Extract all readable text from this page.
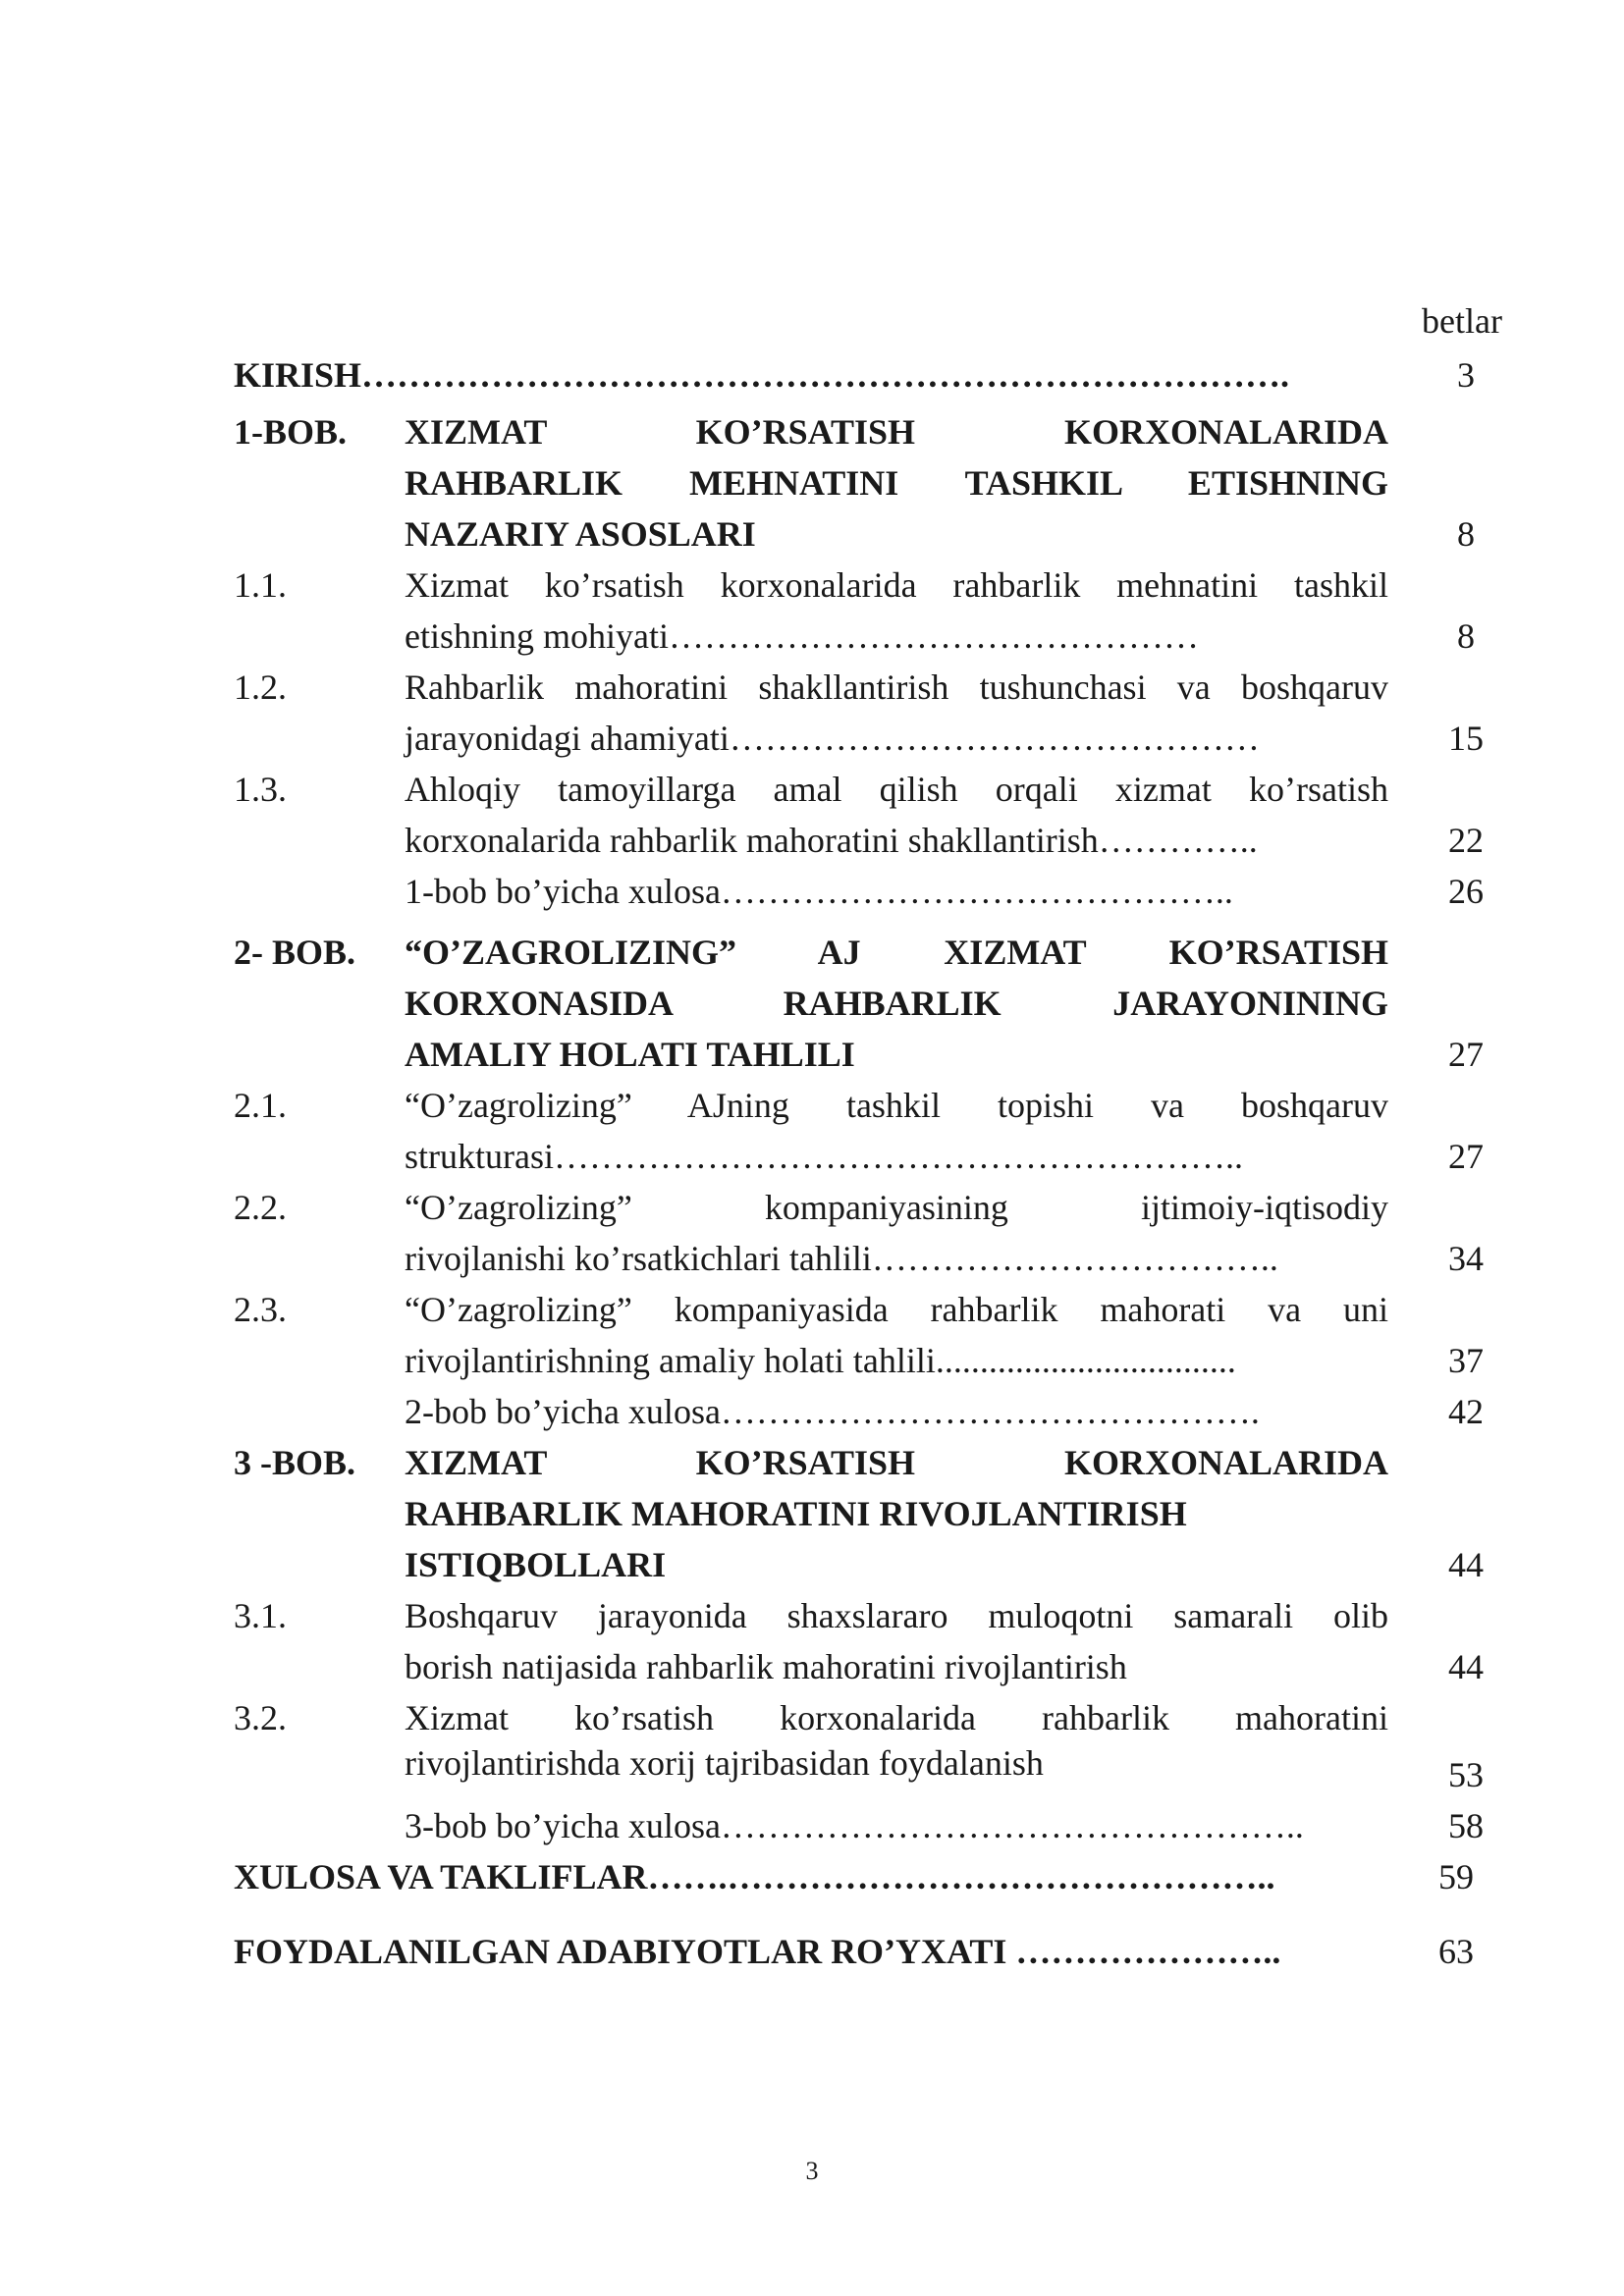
betlar
KIRISH…………………………………………………………………….	3
1-BOB. XIZMAT KO’RSATISH KORXONALARIDA
RAHBARLIK MEHNATINI TASHKIL ETISHNING
NAZARIY ASOSLARI	8
1.1.	Xizmat ko’rsatish korxonalarida rahbarlik mehnatini tashkil
etishning mohiyati………………………………………	8
1.2.	Rahbarlik mahoratini shakllantirish tushunchasi va boshqaruv
jarayonidagi ahamiyati………………………………………	15
1.3.	Ahloqiy tamoyillarga amal qilish orqali xizmat ko’rsatish
korxonalarida rahbarlik mahoratini shakllantirish…………..	22
1-bob bo’yicha xulosa……………………………………..	26
2- BOB. “O’ZAGROLIZING” AJ XIZMAT KO’RSATISH
KORXONASIDA RAHBARLIK JARAYONINING
AMALIY HOLATI TAHLILI	27
2.1.	“O’zagrolizing” AJning tashkil topishi va boshqaruv
strukturasi…………………………………………………..	27
2.2.	“O’zagrolizing” kompaniyasining ijtimoiy-iqtisodiy
rivojlanishi ko’rsatkichlari tahlili……………………………..	34
2.3.	“O’zagrolizing” kompaniyasida rahbarlik mahorati va uni
rivojlantirishning amaliy holati tahlili..................................	37
2-bob bo’yicha xulosa……………………………………….	42
3 -BOB. XIZMAT KO’RSATISH KORXONALARIDA
RAHBARLIK MAHORATINI RIVOJLANTIRISH
ISTIQBOLLARI	44
3.1.	Boshqaruv jarayonida shaxslararo muloqotni samarali olib
borish natijasida rahbarlik mahoratini rivojlantirish	44
3.2.	Xizmat ko’rsatish korxonalarida rahbarlik mahoratini
rivojlantirishda xorij tajribasidan foydalanish	53
3-bob bo’yicha xulosa…………………………………………..	58
XULOSA VA TAKLIFLAR…….………………………………………..	59
FOYDALANILGAN ADABIYOTLAR RO’YXATI …………………..	63
3
